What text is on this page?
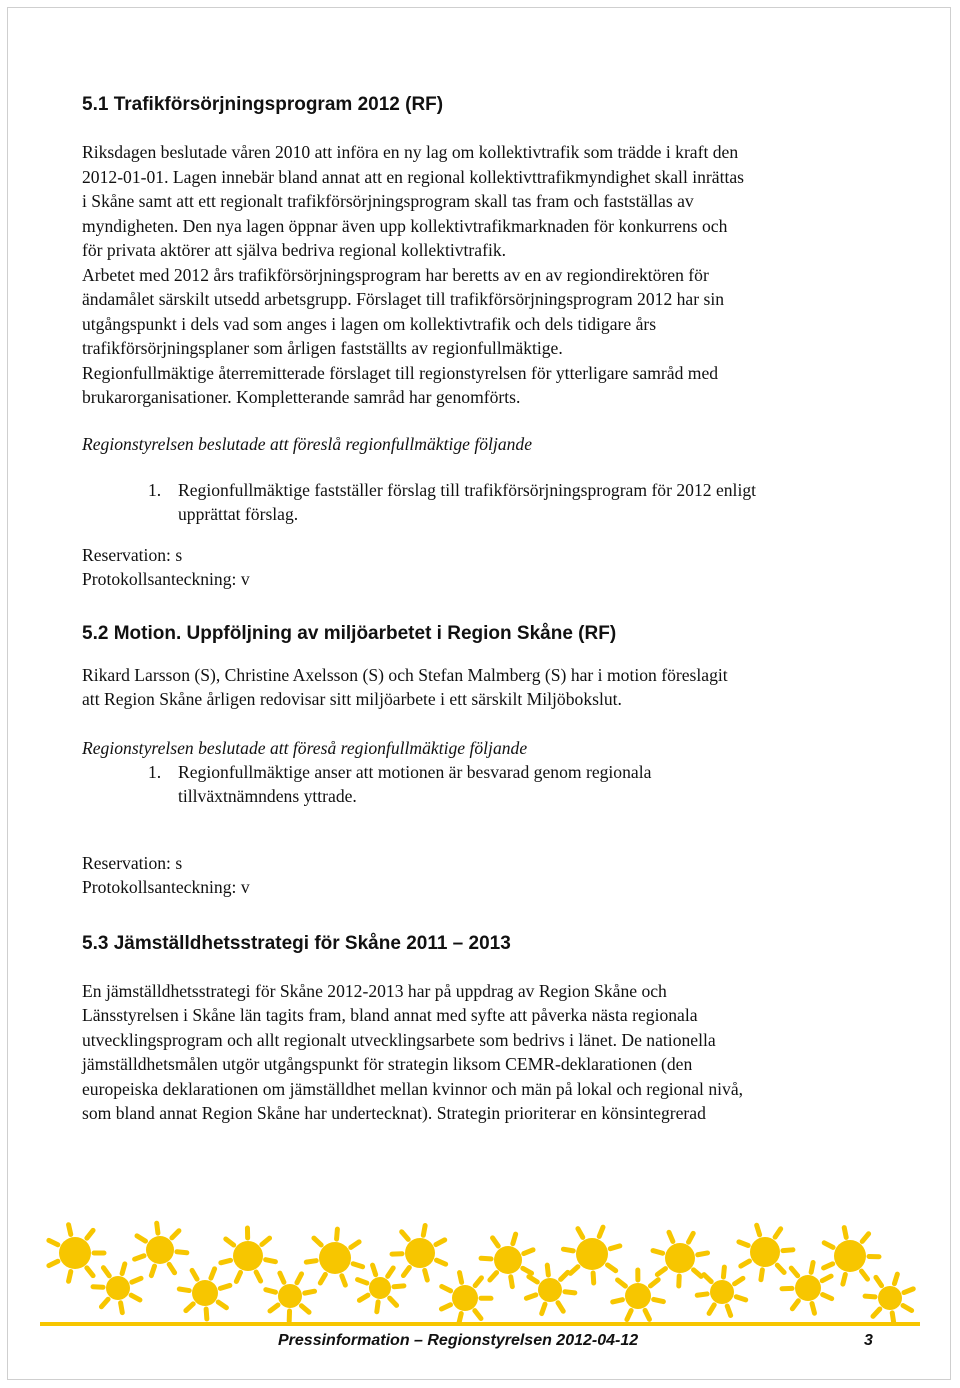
5.1 Trafikförsörjningsprogram 2012 (RF)

Riksdagen beslutade våren 2010 att införa en ny lag om kollektivtrafik som trädde i kraft den

2012-01-01. Lagen innebär bland annat att en regional kollektivttrafikmyndighet skall inrättas

i Skåne samt att ett regionalt trafikförsörjningsprogram skall tas fram och fastställas av

myndigheten. Den nya lagen öppnar även upp kollektivtrafikmarknaden för konkurrens och

för privata aktörer att själva bedriva regional kollektivtrafik.

Arbetet med 2012 års trafikförsörjningsprogram har beretts av en av regiondirektören för

ändamålet särskilt utsedd arbetsgrupp. Förslaget till trafikförsörjningsprogram 2012 har sin

utgångspunkt i dels vad som anges i lagen om kollektivtrafik och dels tidigare års

trafikförsörjningsplaner som årligen fastställts av regionfullmäktige.

Regionfullmäktige återremitterade förslaget till regionstyrelsen för ytterligare samråd med

brukarorganisationer. Kompletterande samråd har genomförts.

Regionstyrelsen beslutade att föreslå regionfullmäktige följande

1. Regionfullmäktige fastställer förslag till trafikförsörjningsprogram för 2012 enligt
upprättat förslag.

Reservation: s

Protokollsanteckning: v

5.2 Motion. Uppföljning av miljöarbetet i Region Skåne (RF)

Rikard Larsson (S), Christine Axelsson (S) och Stefan Malmberg (S) har i motion föreslagit

att Region Skåne årligen redovisar sitt miljöarbete i ett särskilt Miljöbokslut.

Regionstyrelsen beslutade att föreså regionfullmäktige följande

1. Regionfullmäktige anser att motionen är besvarad genom regionala
tillväxtnämndens yttrade.

Reservation: s

Protokollsanteckning: v

5.3 Jämställdhetsstrategi för Skåne 2011 – 2013

En jämställdhetsstrategi för Skåne 2012-2013 har på uppdrag av Region Skåne och

Länsstyrelsen i Skåne län tagits fram, bland annat med syfte att påverka nästa regionala

utvecklingsprogram och allt regionalt utvecklingsarbete som bedrivs i länet. De nationella

jämställdhetsmålen utgör utgångspunkt för strategin liksom CEMR-deklarationen (den

europeiska deklarationen om jämställdhet mellan kvinnor och män på lokal och regional nivå,

som bland annat Region Skåne har undertecknat). Strategin prioriterar en könsintegrerad

Pressinformation – Regionstyrelsen 2012-04-12	3
